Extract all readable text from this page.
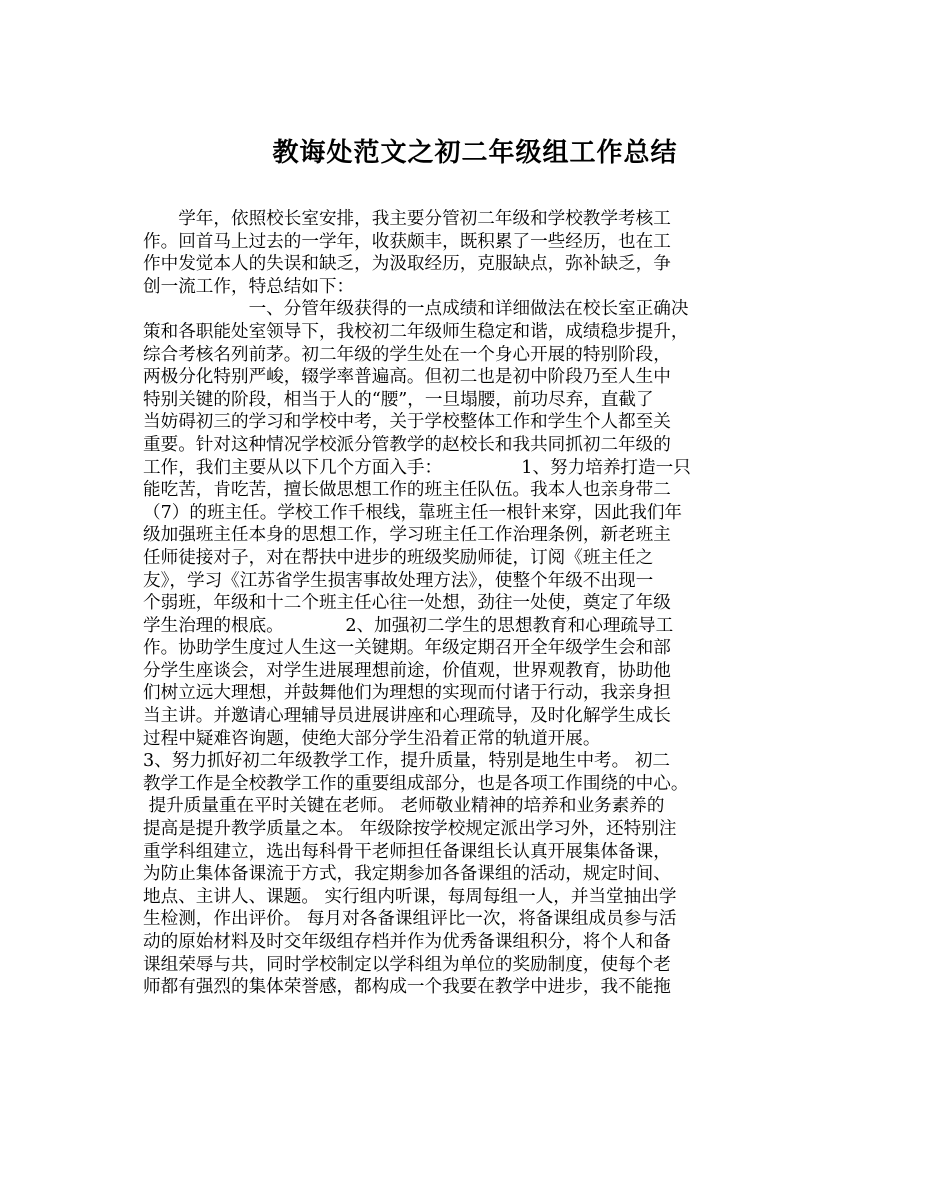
教诲处范文之初二年级组工作总结
　　学年，依照校长室安排，我主要分管初二年级和学校教学考核工
作。回首马上过去的一学年，收获颇丰，既积累了一些经历，也在工
作中发觉本人的失误和缺乏，为汲取经历，克服缺点，弥补缺乏，争
创一流工作，特总结如下：
　　　　　　一、分管年级获得的一点成绩和详细做法在校长室正确决
策和各职能处室领导下，我校初二年级师生稳定和谐，成绩稳步提升，
综合考核名列前茅。初二年级的学生处在一个身心开展的特别阶段，
两极分化特别严峻，辍学率普遍高。但初二也是初中阶段乃至人生中
特别关键的阶段，相当于人的“腰”，一旦塌腰，前功尽弃，直截了
当妨碍初三的学习和学校中考，关于学校整体工作和学生个人都至关
重要。针对这种情况学校派分管教学的赵校长和我共同抓初二年级的
工作，我们主要从以下几个方面入手：　　　　　1、努力培养打造一只
能吃苦，肯吃苦，擅长做思想工作的班主任队伍。我本人也亲身带二
（7）的班主任。学校工作千根线，靠班主任一根针来穿，因此我们年
级加强班主任本身的思想工作，学习班主任工作治理条例，新老班主
任师徒接对子，对在帮扶中进步的班级奖励师徒，订阅《班主任之
友》，学习《江苏省学生损害事故处理方法》，使整个年级不出现一
个弱班，年级和十二个班主任心往一处想，劲往一处使，奠定了年级
学生治理的根底。　　　　2、加强初二学生的思想教育和心理疏导工
作。协助学生度过人生这一关键期。年级定期召开全年级学生会和部
分学生座谈会，对学生进展理想前途，价值观，世界观教育，协助他
们树立远大理想，并鼓舞他们为理想的实现而付诸于行动，我亲身担
当主讲。并邀请心理辅导员进展讲座和心理疏导，及时化解学生成长
过程中疑难咨询题，使绝大部分学生沿着正常的轨道开展。
3、努力抓好初二年级教学工作，提升质量，特别是地生中考。 初二
教学工作是全校教学工作的重要组成部分，也是各项工作围绕的中心。
提升质量重在平时关键在老师。 老师敬业精神的培养和业务素养的
提高是提升教学质量之本。 年级除按学校规定派出学习外，还特别注
重学科组建立，选出每科骨干老师担任备课组长认真开展集体备课，
为防止集体备课流于方式，我定期参加各备课组的活动，规定时间、
地点、主讲人、课题。 实行组内听课，每周每组一人，并当堂抽出学
生检测，作出评价。 每月对各备课组评比一次，将备课组成员参与活
动的原始材料及时交年级组存档并作为优秀备课组积分，将个人和备
课组荣辱与共，同时学校制定以学科组为单位的奖励制度，使每个老
师都有强烈的集体荣誉感，都构成一个我要在教学中进步，我不能拖
